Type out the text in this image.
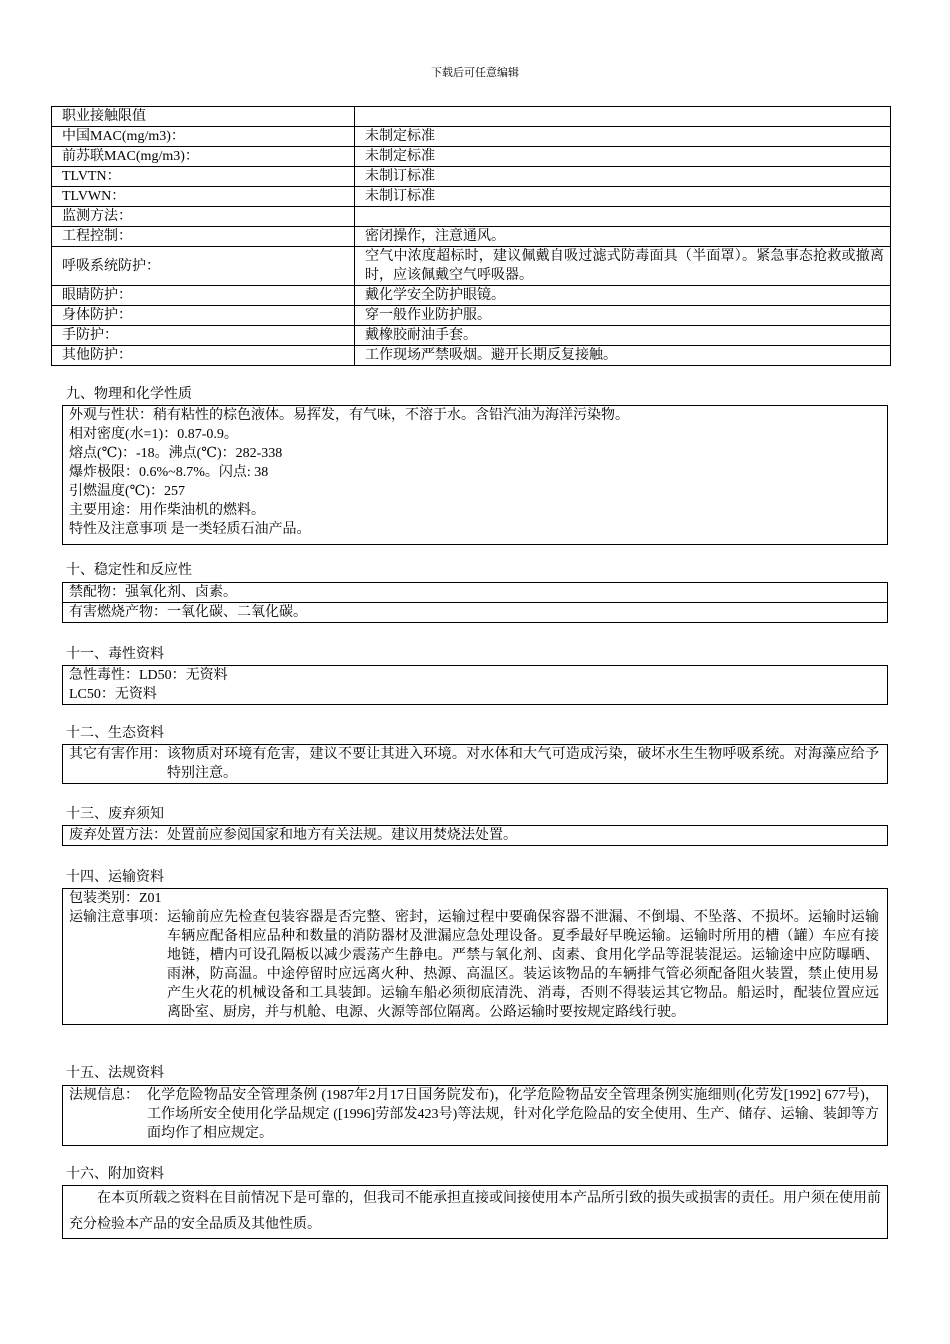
下载后可任意编辑
职业接触限值	
中国MAC(mg/m3)：	未制定标准
前苏联MAC(mg/m3)：	未制定标准
TLVTN：	未制订标准
TLVWN：	未制订标准
监测方法：	
工程控制：	密闭操作，注意通风。
呼吸系统防护：	空气中浓度超标时，建议佩戴自吸过滤式防毒面具（半面罩）。紧急事态抢救或撤离时，应该佩戴空气呼吸器。
眼睛防护：	戴化学安全防护眼镜。
身体防护：	穿一般作业防护服。
手防护：	戴橡胶耐油手套。
其他防护：	工作现场严禁吸烟。避开长期反复接触。
九、物理和化学性质
外观与性状：稍有粘性的棕色液体。易挥发，有气味，不溶于水。含铅汽油为海洋污染物。
相对密度(水=1)：0.87-0.9。
熔点(℃)：-18。沸点(℃)：282-338
爆炸极限：0.6%~8.7%。闪点: 38
引燃温度(℃)：257
主要用途：用作柴油机的燃料。
特性及注意事项 是一类轻质石油产品。
十、稳定性和反应性
禁配物：强氧化剂、卤素。
有害燃烧产物：一氧化碳、二氧化碳。
十一、毒性资料
急性毒性：LD50：无资料
LC50：无资料
十二、生态资料
其它有害作用： 该物质对环境有危害，建议不要让其进入环境。对水体和大气可造成污染，破坏水生生物呼吸系统。对海藻应给予特别注意。
十三、废弃须知
废弃处置方法：处置前应参阅国家和地方有关法规。建议用焚烧法处置。
十四、运输资料
包装类别：Z01
运输注意事项： 运输前应先检查包装容器是否完整、密封，运输过程中要确保容器不泄漏、不倒塌、不坠落、不损坏。运输时运输车辆应配备相应品种和数量的消防器材及泄漏应急处理设备。夏季最好早晚运输。运输时所用的槽（罐）车应有接地链，槽内可设孔隔板以减少震荡产生静电。严禁与氧化剂、卤素、食用化学品等混装混运。运输途中应防曝晒、雨淋，防高温。中途停留时应远离火种、热源、高温区。装运该物品的车辆排气管必须配备阻火装置，禁止使用易产生火花的机械设备和工具装卸。运输车船必须彻底清洗、消毒，否则不得装运其它物品。船运时，配装位置应远离卧室、厨房，并与机舱、电源、火源等部位隔离。公路运输时要按规定路线行驶。
十五、法规资料
法规信息： 化学危险物品安全管理条例 (1987年2月17日国务院发布)，化学危险物品安全管理条例实施细则(化劳发[1992] 677号)，工作场所安全使用化学品规定 ([1996]劳部发423号)等法规，针对化学危险品的安全使用、生产、储存、运输、装卸等方面均作了相应规定。
十六、附加资料
在本页所载之资料在目前情况下是可靠的，但我司不能承担直接或间接使用本产品所引致的损失或损害的责任。用户须在使用前充分检验本产品的安全品质及其他性质。
